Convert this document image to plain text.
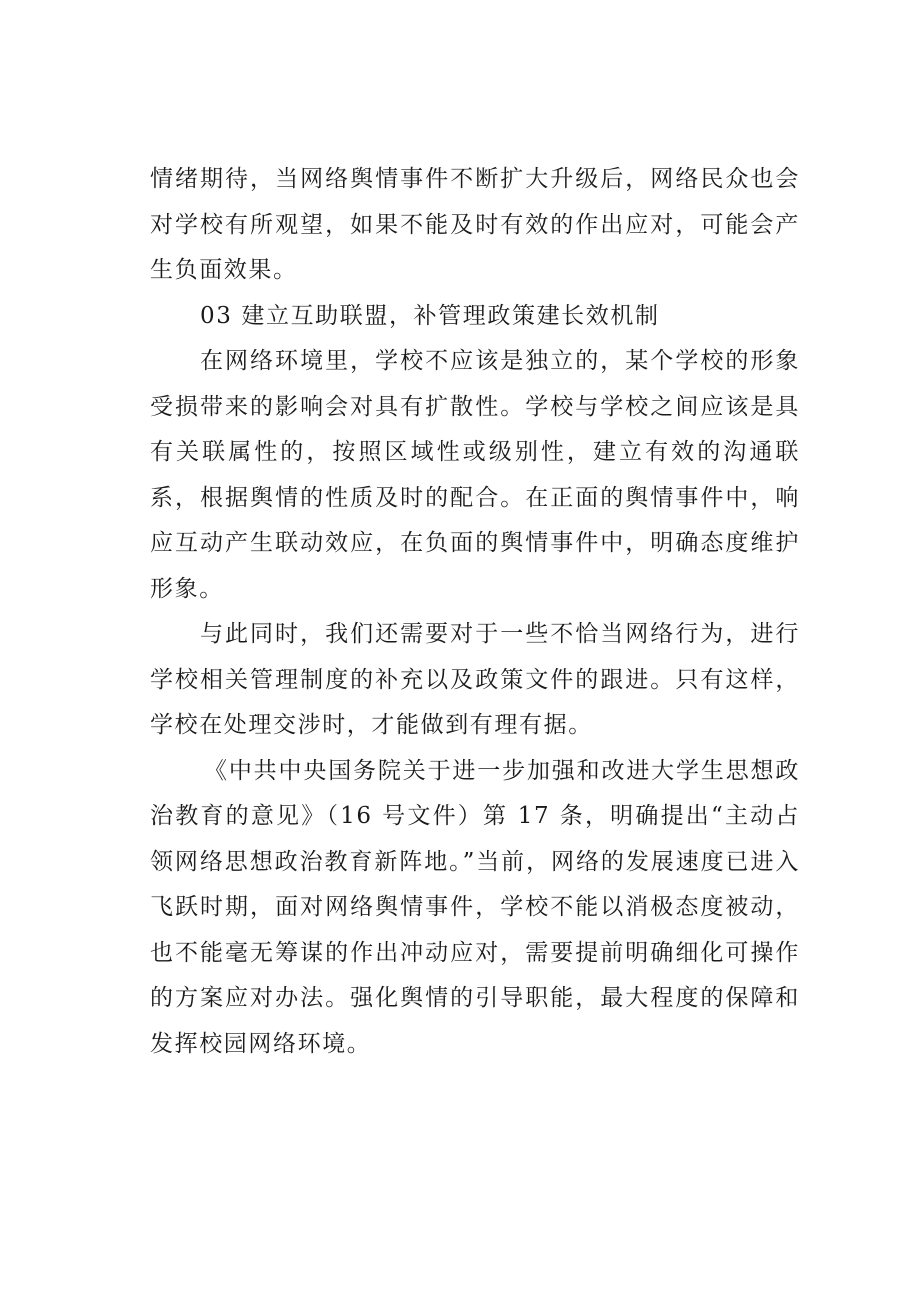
情绪期待，当网络舆情事件不断扩大升级后，网络民众也会对学校有所观望，如果不能及时有效的作出应对，可能会产生负面效果。

03 建立互助联盟，补管理政策建长效机制

在网络环境里，学校不应该是独立的，某个学校的形象受损带来的影响会对具有扩散性。学校与学校之间应该是具有关联属性的，按照区域性或级别性，建立有效的沟通联系，根据舆情的性质及时的配合。在正面的舆情事件中，响应互动产生联动效应，在负面的舆情事件中，明确态度维护形象。

与此同时，我们还需要对于一些不恰当网络行为，进行学校相关管理制度的补充以及政策文件的跟进。只有这样，学校在处理交涉时，才能做到有理有据。

《中共中央国务院关于进一步加强和改进大学生思想政治教育的意见》（16 号文件）第 17 条，明确提出“主动占领网络思想政治教育新阵地。”当前，网络的发展速度已进入飞跃时期，面对网络舆情事件，学校不能以消极态度被动，也不能毫无筹谋的作出冲动应对，需要提前明确细化可操作的方案应对办法。强化舆情的引导职能，最大程度的保障和发挥校园网络环境。
